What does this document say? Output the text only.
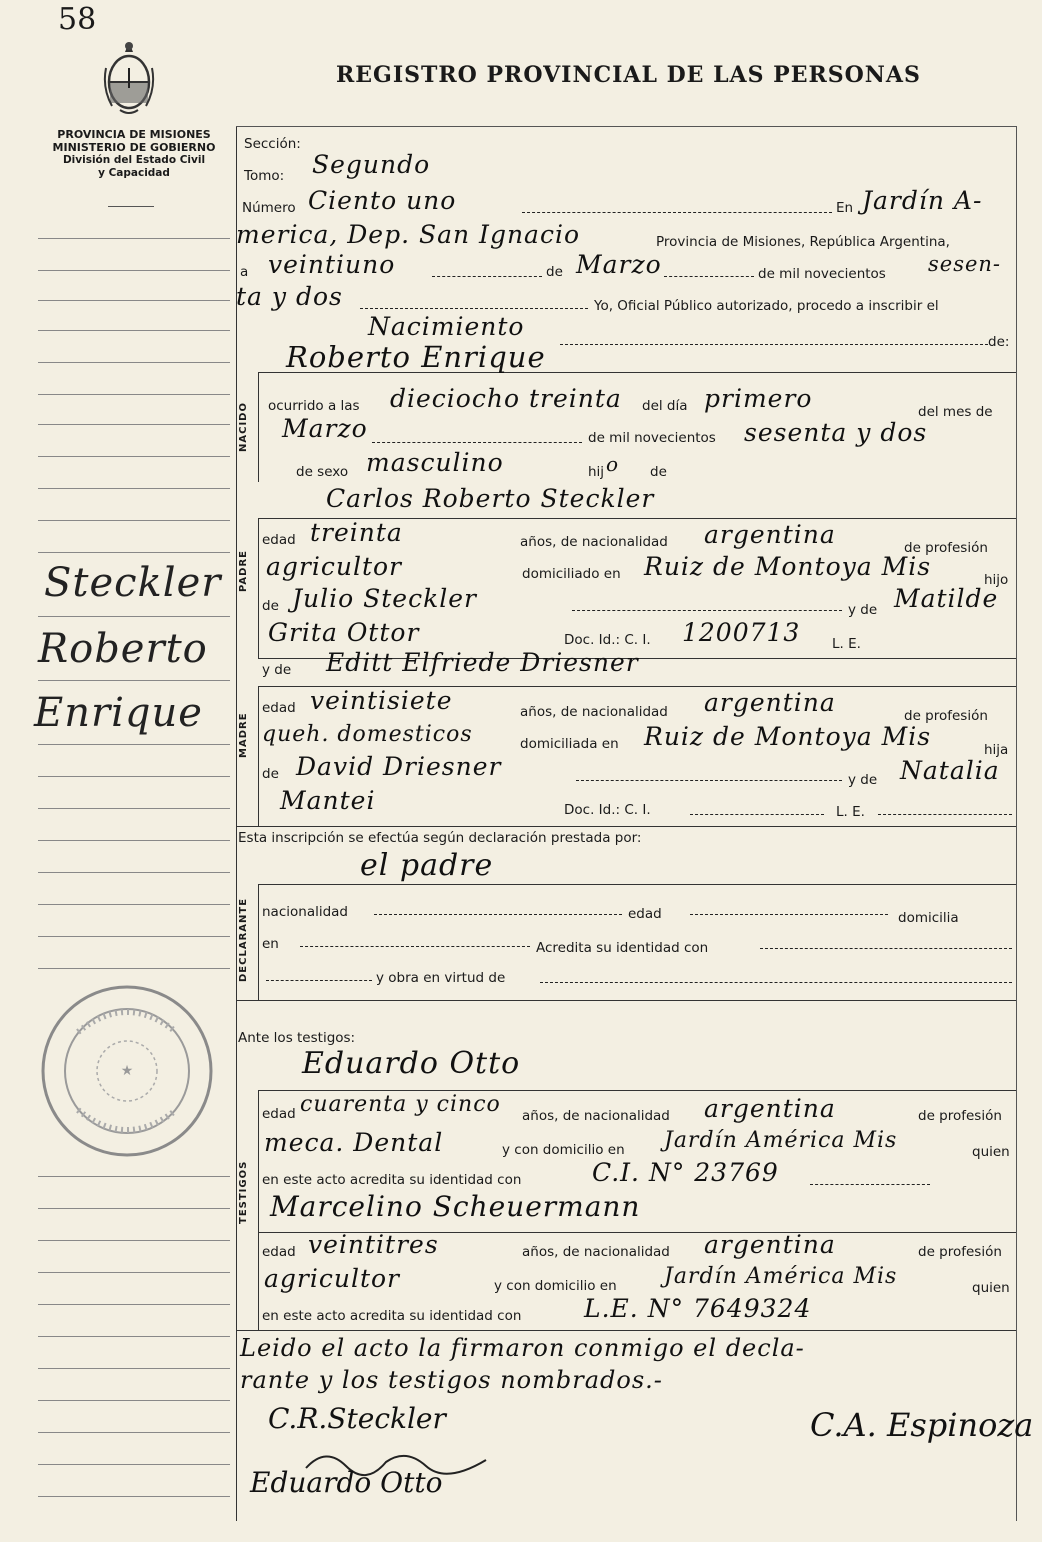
58
REGISTRO PROVINCIAL DE LAS PERSONAS
PROVINCIA DE MISIONES
MINISTERIO DE GOBIERNO
División del Estado Civil
y Capacidad
Steckler
Roberto
Enrique
★
Sección:
Tomo: Segundo
Número Ciento uno	En Jardín A-
merica, Dep. San Ignacio	Provincia de Misiones, República Argentina,
a veintiuno	de Marzo	de mil novecientos sesen-
ta y dos	Yo, Oficial Público autorizado, procedo a inscribir el
Nacimiento
de:
NACIDO
Roberto Enrique
ocurrido a las dieciocho treinta del día primero	del mes de
Marzo	de mil novecientos sesenta y dos
de sexo masculino	hij o de
Carlos Roberto Steckler
PADRE
edad treinta	años, de nacionalidad argentina	de profesión
agricultor	domiciliado en Ruiz de Montoya Mis	hijo
de Julio Steckler	y de Matilde
Grita Ottor	Doc. Id.: C. I. 1200713 L. E.
y de Editt Elfriede Driesner
MADRE
edad veintisiete	años, de nacionalidad argentina	de profesión
queh. domesticos	domiciliada en Ruiz de Montoya Mis	hija
de David Driesner	y de Natalia
Mantei	Doc. Id.: C. I.	L. E.
Esta inscripción se efectúa según declaración prestada por:
el padre
DECLARANTE nacionalidad	edad	domicilia
en	Acredita su identidad con
y obra en virtud de
Ante los testigos:
Eduardo Otto
TESTIGOS
edad cuarenta y cinco años, de nacionalidad argentina	de profesión
meca. Dental	y con domicilio en Jardín América Mis	quien
en este acto acredita su identidad con	C.I. N° 23769
Marcelino Scheuermann
edad veintitres	años, de nacionalidad argentina	de profesión
agricultor	y con domicilio en Jardín América Mis	quien
en este acto acredita su identidad con	L.E. N° 7649324
Leido el acto la firmaron conmigo el decla-
rante y los testigos nombrados.-
C.R.Steckler	C.A. Espinoza
Eduardo Otto
